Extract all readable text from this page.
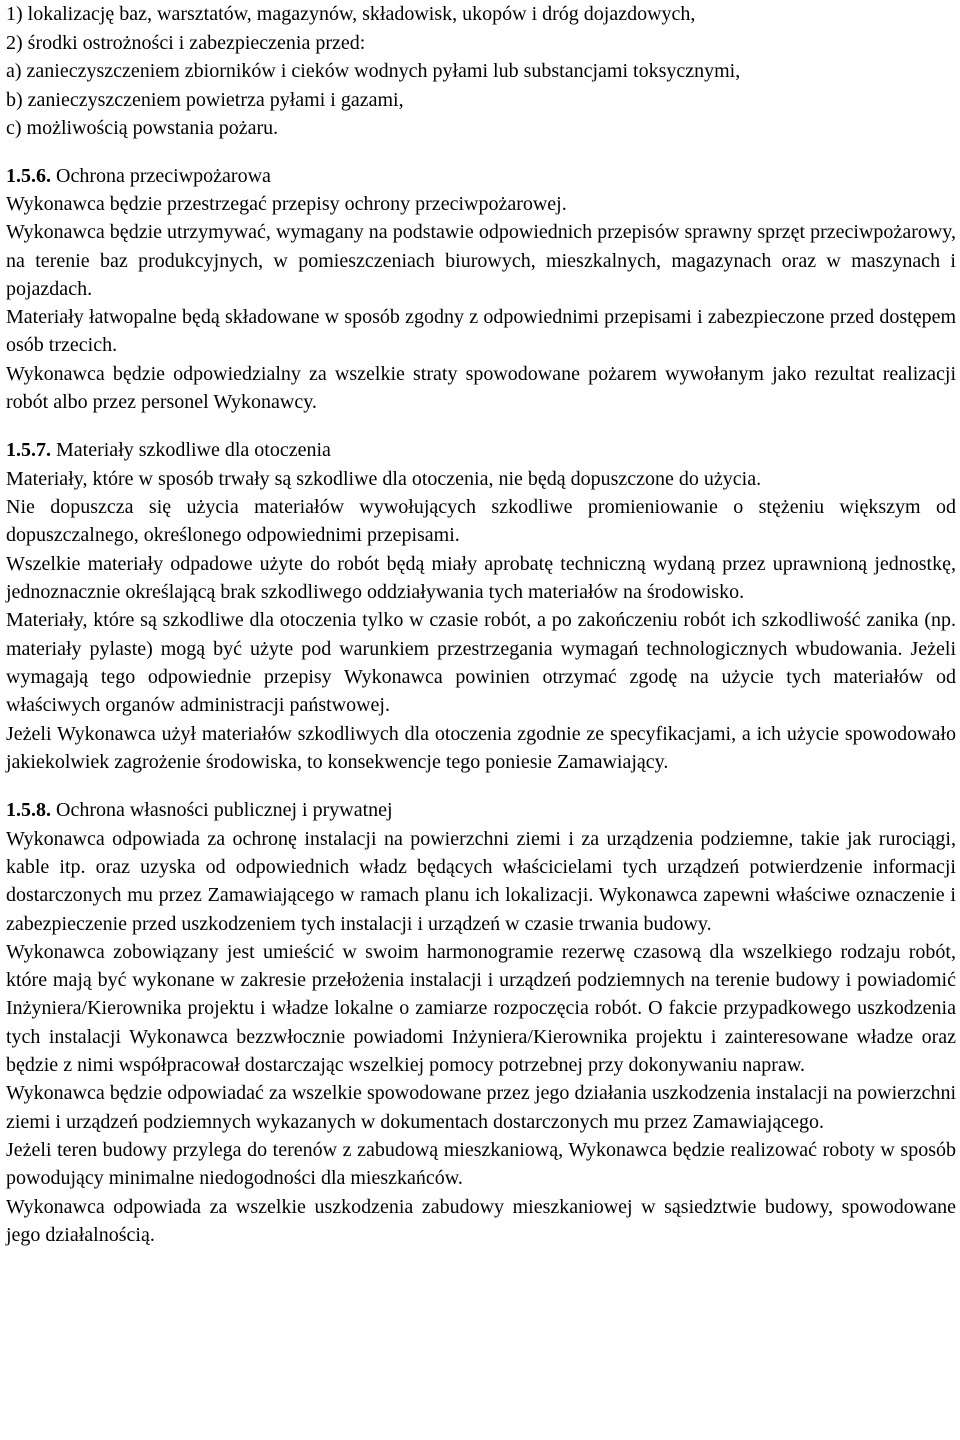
1) lokalizację baz, warsztatów, magazynów, składowisk, ukopów i dróg dojazdowych,
2) środki ostrożności i zabezpieczenia przed:
a) zanieczyszczeniem zbiorników i cieków wodnych pyłami lub substancjami toksycznymi,
b) zanieczyszczeniem powietrza pyłami i gazami,
c) możliwością powstania pożaru.
1.5.6. Ochrona przeciwpożarowa

Wykonawca będzie przestrzegać przepisy ochrony przeciwpożarowej.

Wykonawca będzie utrzymywać, wymagany na podstawie odpowiednich przepisów sprawny sprzęt przeciwpożarowy, na terenie baz produkcyjnych, w pomieszczeniach biurowych, mieszkalnych, magazynach oraz w maszynach i pojazdach.

Materiały łatwopalne będą składowane w sposób zgodny z odpowiednimi przepisami i zabezpieczone przed dostępem osób trzecich.

Wykonawca będzie odpowiedzialny za wszelkie straty spowodowane pożarem wywołanym jako rezultat realizacji robót albo przez personel Wykonawcy.

1.5.7. Materiały szkodliwe dla otoczenia

Materiały, które w sposób trwały są szkodliwe dla otoczenia, nie będą dopuszczone do użycia.

Nie dopuszcza się użycia materiałów wywołujących szkodliwe promieniowanie o stężeniu większym od dopuszczalnego, określonego odpowiednimi przepisami.

Wszelkie materiały odpadowe użyte do robót będą miały aprobatę techniczną wydaną przez uprawnioną jednostkę, jednoznacznie określającą brak szkodliwego oddziaływania tych materiałów na środowisko.

Materiały, które są szkodliwe dla otoczenia tylko w czasie robót, a po zakończeniu robót ich szkodliwość zanika (np. materiały pylaste) mogą być użyte pod warunkiem przestrzegania wymagań technologicznych wbudowania. Jeżeli wymagają tego odpowiednie przepisy Wykonawca powinien otrzymać zgodę na użycie tych materiałów od właściwych organów administracji państwowej.

Jeżeli Wykonawca użył materiałów szkodliwych dla otoczenia zgodnie ze specyfikacjami, a ich użycie spowodowało jakiekolwiek zagrożenie środowiska, to konsekwencje tego poniesie Zamawiający.

1.5.8. Ochrona własności publicznej i prywatnej

Wykonawca odpowiada za ochronę instalacji na powierzchni ziemi i za urządzenia podziemne, takie jak rurociągi, kable itp. oraz uzyska od odpowiednich władz będących właścicielami tych urządzeń potwierdzenie informacji dostarczonych mu przez Zamawiającego w ramach planu ich lokalizacji. Wykonawca zapewni właściwe oznaczenie i zabezpieczenie przed uszkodzeniem tych instalacji i urządzeń w czasie trwania budowy.

Wykonawca zobowiązany jest umieścić w swoim harmonogramie rezerwę czasową dla wszelkiego rodzaju robót, które mają być wykonane w zakresie przełożenia instalacji i urządzeń podziemnych na terenie budowy i powiadomić Inżyniera/Kierownika projektu i władze lokalne o zamiarze rozpoczęcia robót. O fakcie przypadkowego uszkodzenia tych instalacji Wykonawca bezzwłocznie powiadomi Inżyniera/Kierownika projektu i zainteresowane władze oraz będzie z nimi współpracował dostarczając wszelkiej pomocy potrzebnej przy dokonywaniu napraw.

Wykonawca będzie odpowiadać za wszelkie spowodowane przez jego działania uszkodzenia instalacji na powierzchni ziemi i urządzeń podziemnych wykazanych w dokumentach dostarczonych mu przez Zamawiającego.

Jeżeli teren budowy przylega do terenów z zabudową mieszkaniową, Wykonawca będzie realizować roboty w sposób powodujący minimalne niedogodności dla mieszkańców.

Wykonawca odpowiada za wszelkie uszkodzenia zabudowy mieszkaniowej w sąsiedztwie budowy, spowodowane jego działalnością.
